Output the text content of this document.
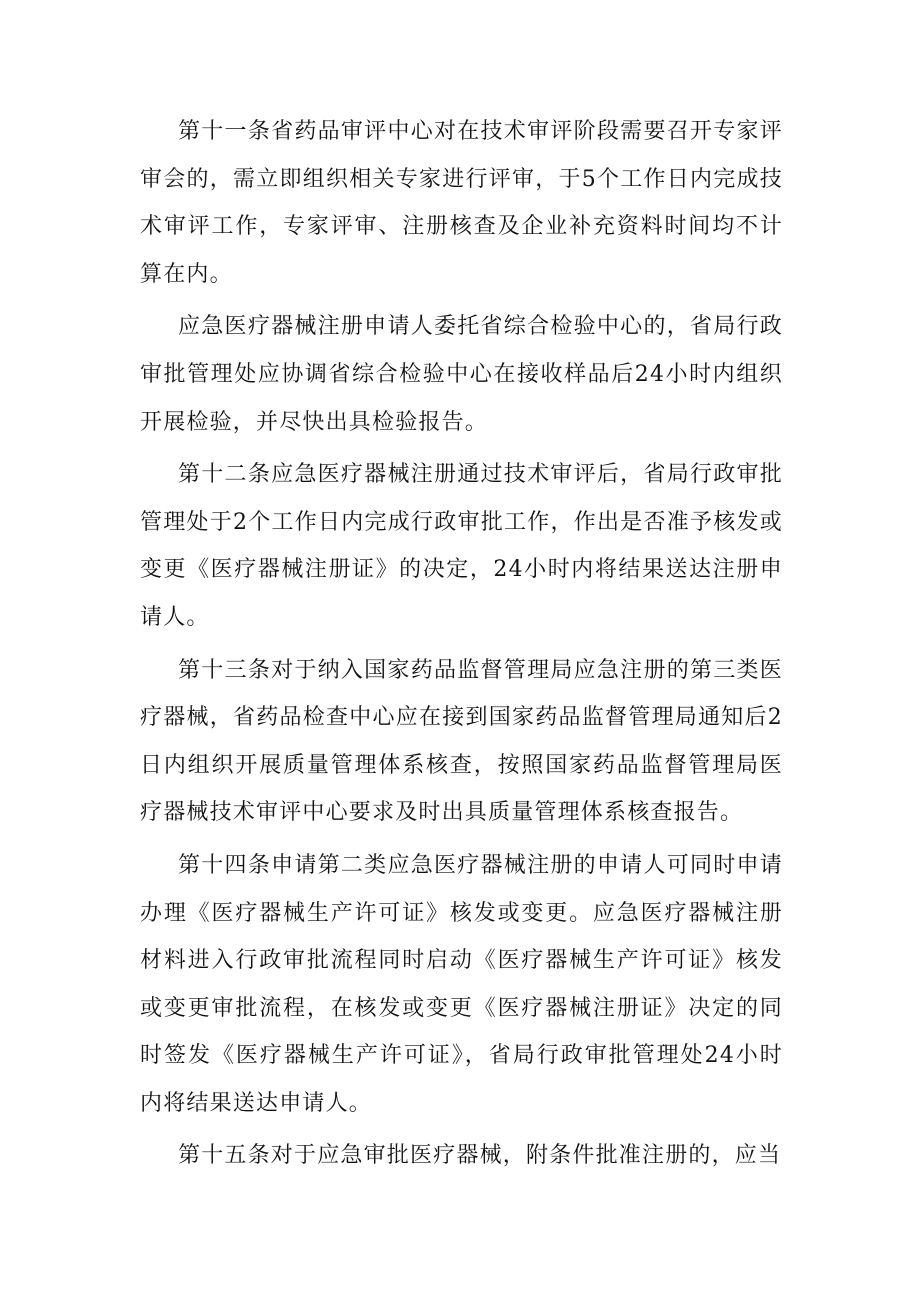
第十一条省药品审评中心对在技术审评阶段需要召开专家评审会的，需立即组织相关专家进行评审，于5个工作日内完成技术审评工作，专家评审、注册核查及企业补充资料时间均不计算在内。

应急医疗器械注册申请人委托省综合检验中心的，省局行政审批管理处应协调省综合检验中心在接收样品后24小时内组织开展检验，并尽快出具检验报告。

第十二条应急医疗器械注册通过技术审评后，省局行政审批管理处于2个工作日内完成行政审批工作，作出是否准予核发或变更《医疗器械注册证》的决定，24小时内将结果送达注册申请人。

第十三条对于纳入国家药品监督管理局应急注册的第三类医疗器械，省药品检查中心应在接到国家药品监督管理局通知后2日内组织开展质量管理体系核查，按照国家药品监督管理局医疗器械技术审评中心要求及时出具质量管理体系核查报告。

第十四条申请第二类应急医疗器械注册的申请人可同时申请办理《医疗器械生产许可证》核发或变更。应急医疗器械注册材料进入行政审批流程同时启动《医疗器械生产许可证》核发或变更审批流程，在核发或变更《医疗器械注册证》决定的同时签发《医疗器械生产许可证》，省局行政审批管理处24小时内将结果送达申请人。

第十五条对于应急审批医疗器械，附条件批准注册的，应当
